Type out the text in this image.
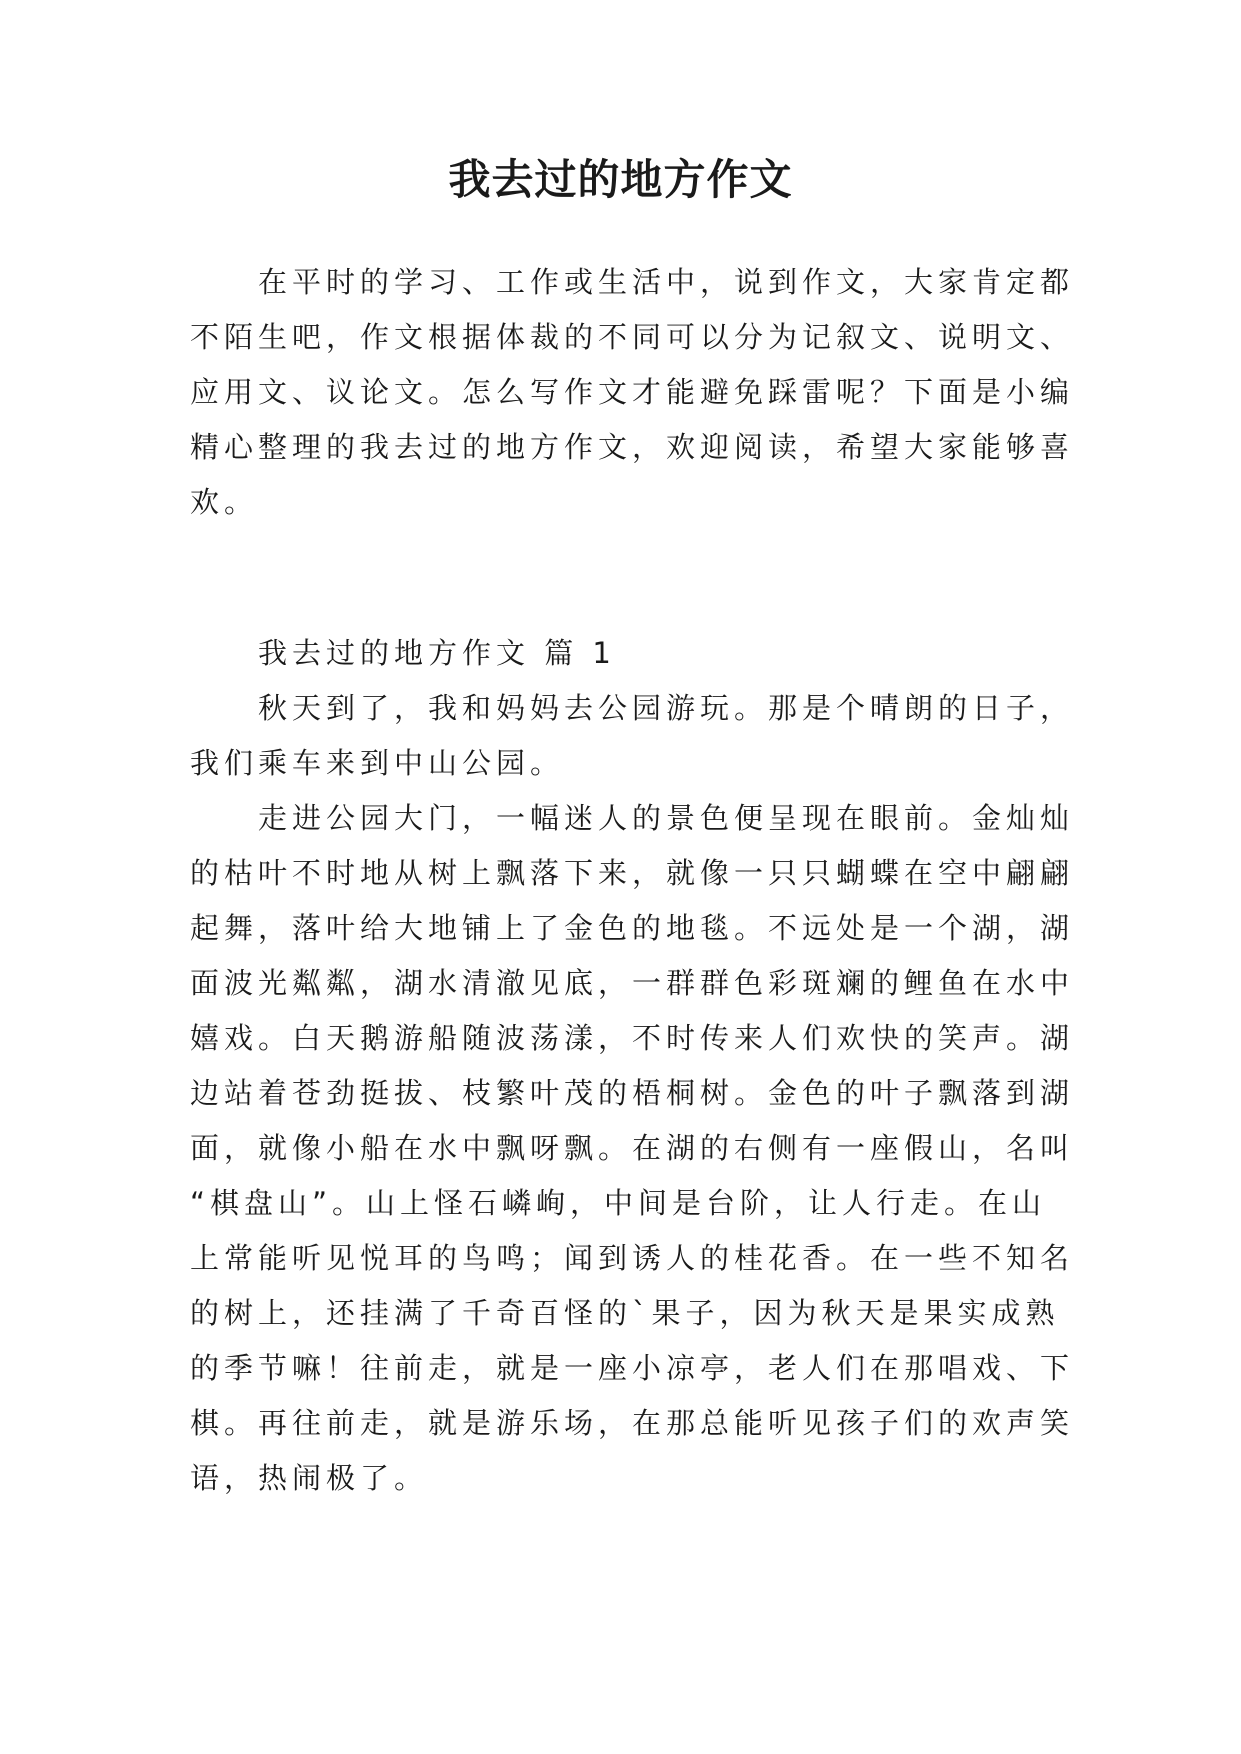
我去过的地方作文

在平时的学习、工作或生活中，说到作文，大家肯定都

不陌生吧，作文根据体裁的不同可以分为记叙文、说明文、

应用文、议论文。怎么写作文才能避免踩雷呢？下面是小编

精心整理的我去过的地方作文，欢迎阅读，希望大家能够喜

欢。

我去过的地方作文 篇 1

秋天到了，我和妈妈去公园游玩。那是个晴朗的日子，

我们乘车来到中山公园。

走进公园大门，一幅迷人的景色便呈现在眼前。金灿灿

的枯叶不时地从树上飘落下来，就像一只只蝴蝶在空中翩翩

起舞，落叶给大地铺上了金色的地毯。不远处是一个湖，湖

面波光粼粼，湖水清澈见底，一群群色彩斑斓的鲤鱼在水中

嬉戏。白天鹅游船随波荡漾，不时传来人们欢快的笑声。湖

边站着苍劲挺拔、枝繁叶茂的梧桐树。金色的叶子飘落到湖

面，就像小船在水中飘呀飘。在湖的右侧有一座假山，名叫

“棋盘山”。山上怪石嶙峋，中间是台阶，让人行走。在山

上常能听见悦耳的鸟鸣；闻到诱人的桂花香。在一些不知名

的树上，还挂满了千奇百怪的`果子，因为秋天是果实成熟

的季节嘛！往前走，就是一座小凉亭，老人们在那唱戏、下

棋。再往前走，就是游乐场，在那总能听见孩子们的欢声笑

语，热闹极了。
